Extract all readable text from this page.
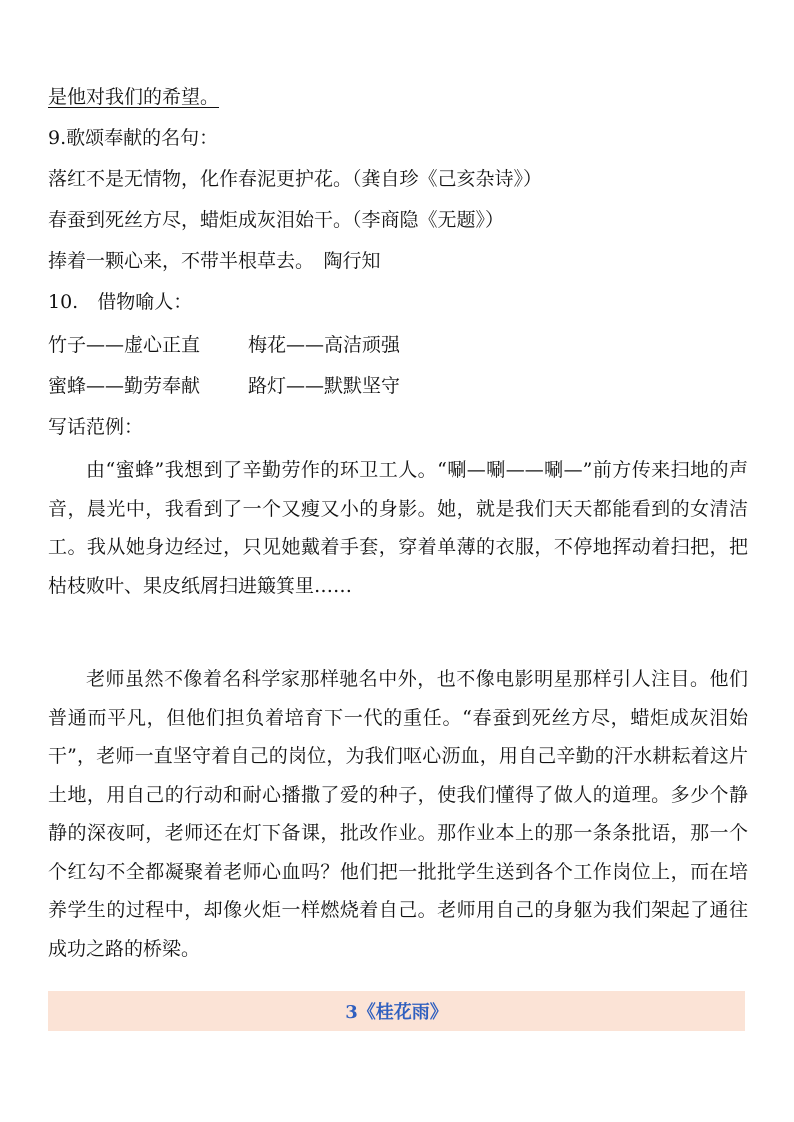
是他对我们的希望。
9.歌颂奉献的名句：
落红不是无情物，化作春泥更护花。（龚自珍《己亥杂诗》）
春蚕到死丝方尽，蜡炬成灰泪始干。（李商隐《无题》）
捧着一颗心来，不带半根草去。　陶行知
10.　借物喻人：
竹子——虚心正直	梅花——高洁顽强
蜜蜂——勤劳奉献	路灯——默默坚守
写话范例：
由“蜜蜂”我想到了辛勤劳作的环卫工人。“唰—唰——唰—”前方传来扫地的声音，晨光中，我看到了一个又瘦又小的身影。她，就是我们天天都能看到的女清洁工。我从她身边经过，只见她戴着手套，穿着单薄的衣服，不停地挥动着扫把，把枯枝败叶、果皮纸屑扫进簸箕里……
老师虽然不像着名科学家那样驰名中外，也不像电影明星那样引人注目。他们普通而平凡，但他们担负着培育下一代的重任。“春蚕到死丝方尽，蜡炬成灰泪始干”，老师一直坚守着自己的岗位，为我们呕心沥血，用自己辛勤的汗水耕耘着这片土地，用自己的行动和耐心播撒了爱的种子，使我们懂得了做人的道理。多少个静静的深夜呵，老师还在灯下备课，批改作业。那作业本上的那一条条批语，那一个个红勾不全都凝聚着老师心血吗？他们把一批批学生送到各个工作岗位上，而在培养学生的过程中，却像火炬一样燃烧着自己。老师用自己的身躯为我们架起了通往成功之路的桥梁。
3《桂花雨》
